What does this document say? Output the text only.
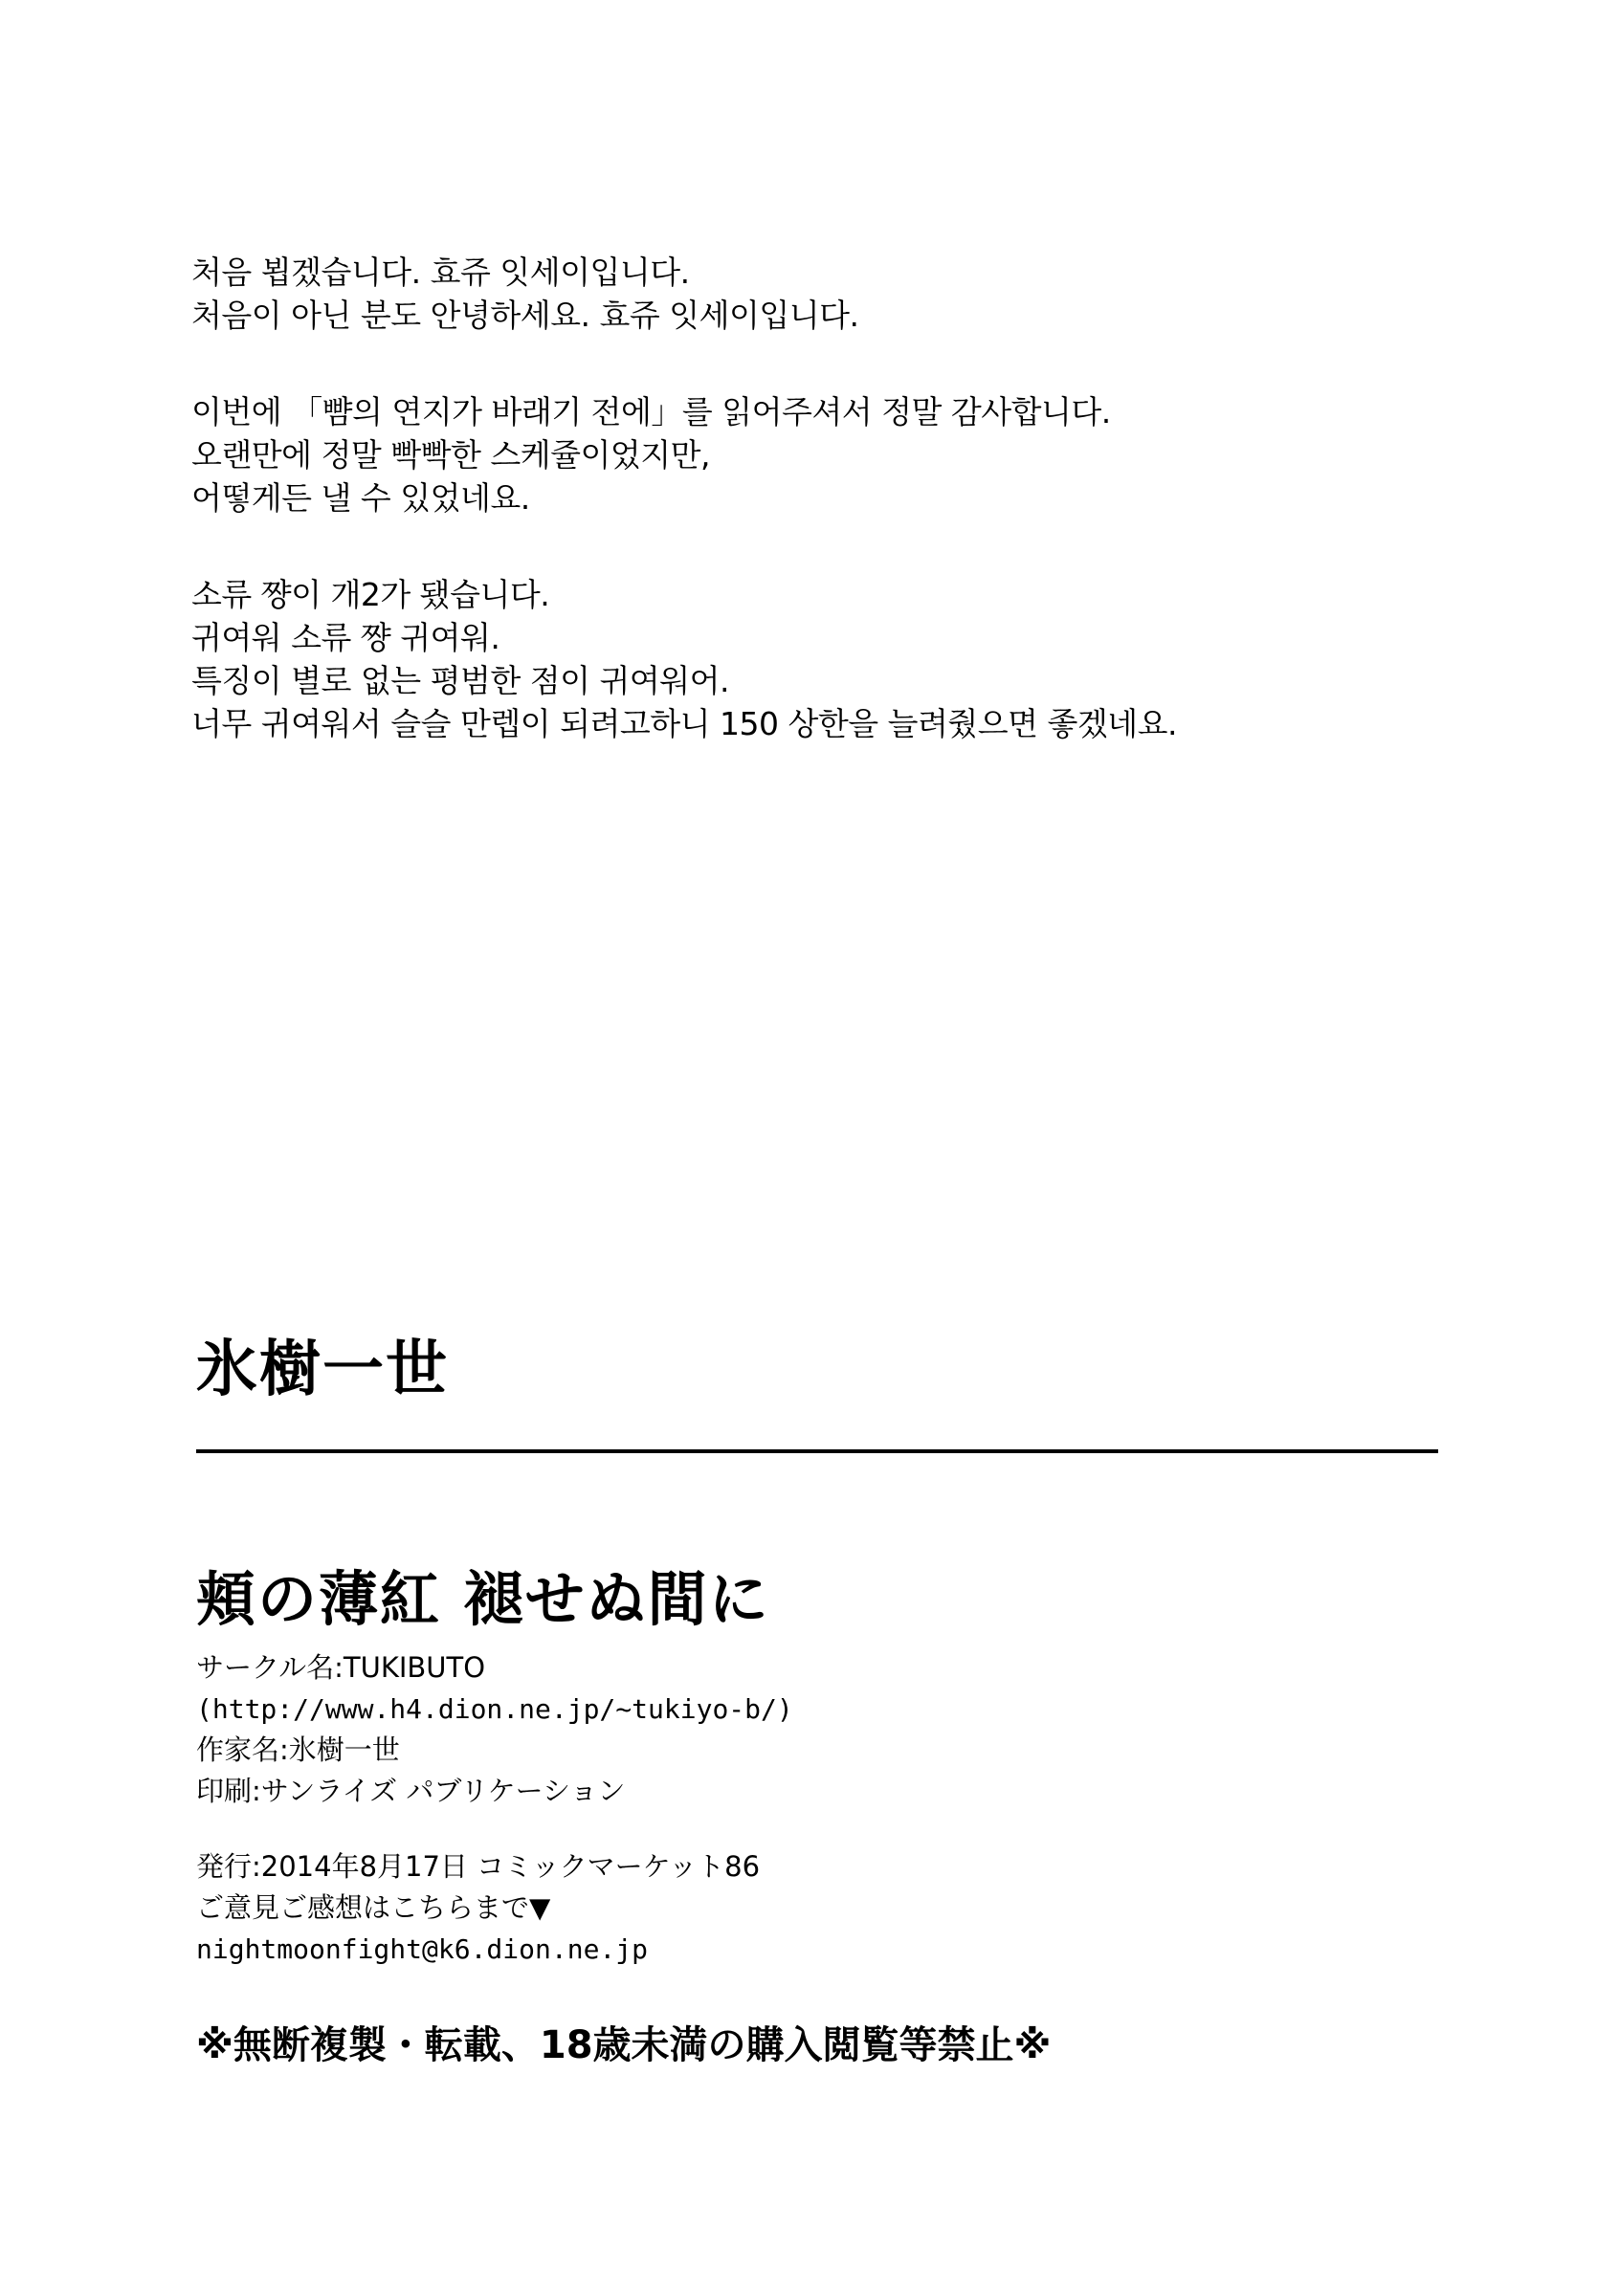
처음 뵙겠습니다. 효쥬 잇세이입니다.
처음이 아닌 분도 안녕하세요. 효쥬 잇세이입니다.
이번에 「뺨의 연지가 바래기 전에」를 읽어주셔서 정말 감사합니다.
오랜만에 정말 빡빡한 스케쥴이었지만,
어떻게든 낼 수 있었네요.
소류 쨩이 개2가 됐습니다.
귀여워 소류 쨩 귀여워.
특징이 별로 없는 평범한 점이 귀여워어.
너무 귀여워서 슬슬 만렙이 되려고하니 150 상한을 늘려줬으면 좋겠네요.
氷樹一世
頬の薄紅 褪せぬ間に
サークル名:TUKIBUTO
(http://www.h4.dion.ne.jp/~tukiyo-b/)
作家名:氷樹一世
印刷:サンライズ パブリケーション
発行:2014年8月17日 コミックマーケット86
ご意見ご感想はこちらまで▼
nightmoonfight@k6.dion.ne.jp

※無断複製・転載、18歳未満の購入閲覧等禁止※
